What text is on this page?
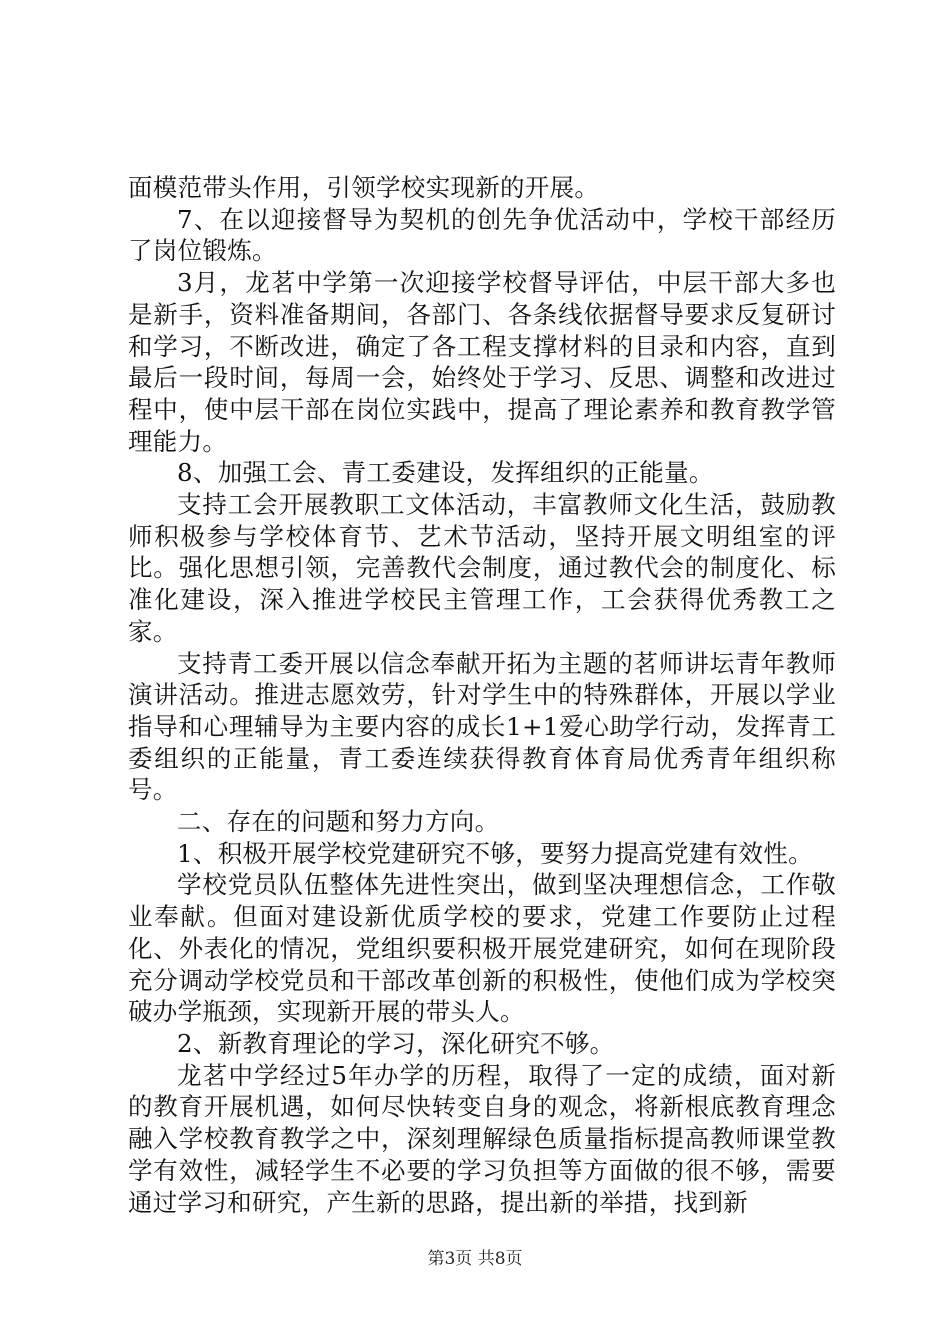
面模范带头作用，引领学校实现新的开展。

7、在以迎接督导为契机的创先争优活动中，学校干部经历了岗位锻炼。

3月，龙茗中学第一次迎接学校督导评估，中层干部大多也是新手，资料准备期间，各部门、各条线依据督导要求反复研讨和学习，不断改进，确定了各工程支撑材料的目录和内容，直到最后一段时间，每周一会，始终处于学习、反思、调整和改进过程中，使中层干部在岗位实践中，提高了理论素养和教育教学管理能力。

8、加强工会、青工委建设，发挥组织的正能量。

支持工会开展教职工文体活动，丰富教师文化生活，鼓励教师积极参与学校体育节、艺术节活动，坚持开展文明组室的评比。强化思想引领，完善教代会制度，通过教代会的制度化、标准化建设，深入推进学校民主管理工作，工会获得优秀教工之家。

支持青工委开展以信念奉献开拓为主题的茗师讲坛青年教师演讲活动。推进志愿效劳，针对学生中的特殊群体，开展以学业指导和心理辅导为主要内容的成长1+1爱心助学行动，发挥青工委组织的正能量，青工委连续获得教育体育局优秀青年组织称号。

二、存在的问题和努力方向。

1、积极开展学校党建研究不够，要努力提高党建有效性。

学校党员队伍整体先进性突出，做到坚决理想信念，工作敬业奉献。但面对建设新优质学校的要求，党建工作要防止过程化、外表化的情况，党组织要积极开展党建研究，如何在现阶段充分调动学校党员和干部改革创新的积极性，使他们成为学校突破办学瓶颈，实现新开展的带头人。

2、新教育理论的学习，深化研究不够。

龙茗中学经过5年办学的历程，取得了一定的成绩，面对新的教育开展机遇，如何尽快转变自身的观念，将新根底教育理念融入学校教育教学之中，深刻理解绿色质量指标提高教师课堂教学有效性，减轻学生不必要的学习负担等方面做的很不够，需要通过学习和研究，产生新的思路，提出新的举措，找到新

第3页 共8页
